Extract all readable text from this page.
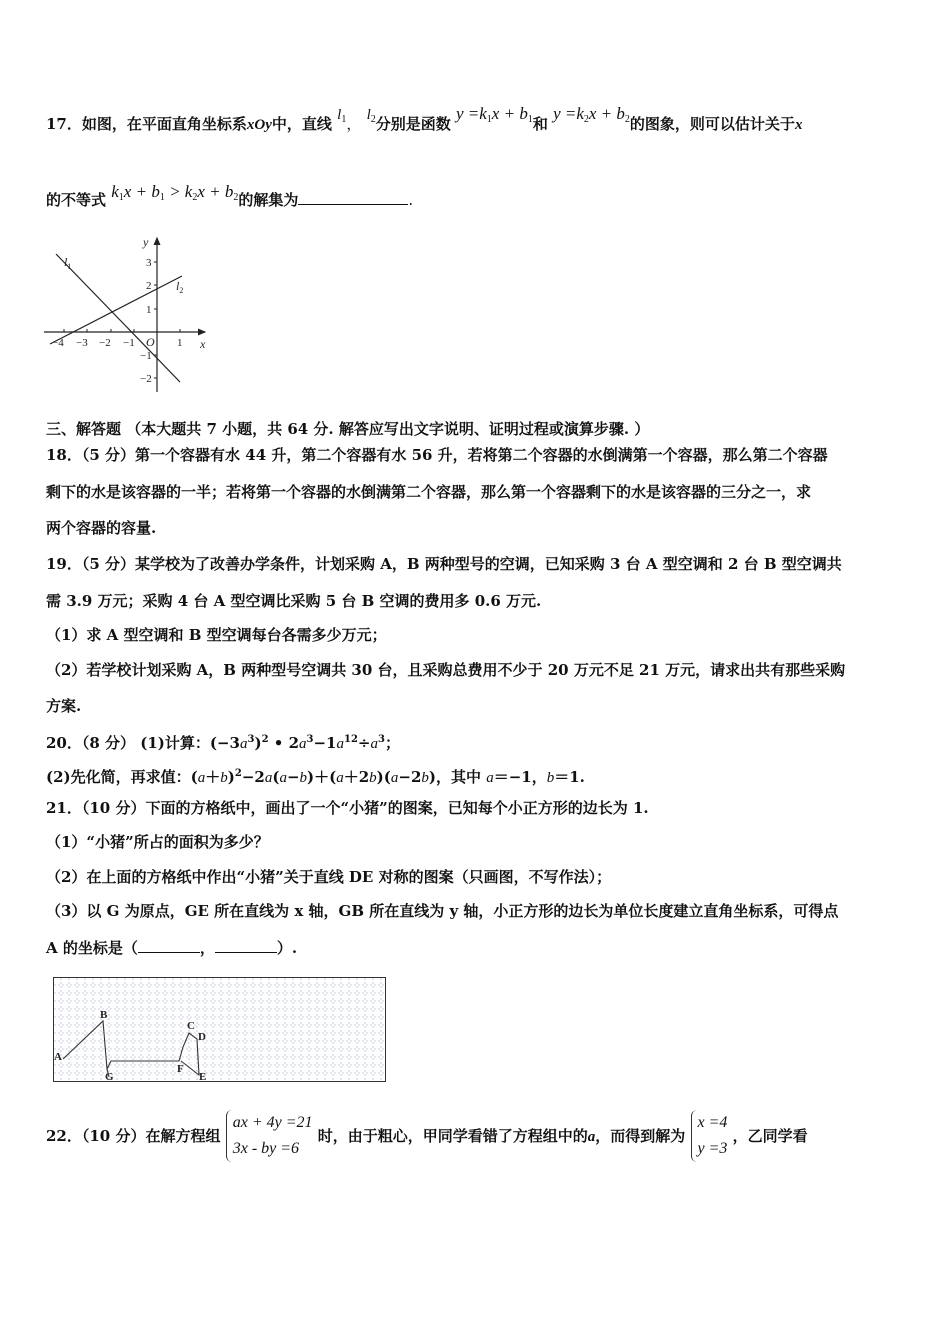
17．如图，在平面直角坐标系xOy中，直线 $l_1$， $l_2$分别是函数 $y =k_1x + b_1$和 $y =k_2x + b_2$的图象，则可以估计关于x
的不等式 $k_1x + b_1 > k_2x + b_2$的解集为	.
y
x
O
$l_1$
$l_2$
3
2
1
−1
−2
−4 −3 −2 −1	1
三、解答题 （本大题共 7 小题，共 64 分. 解答应写出文字说明、证明过程或演算步骤. ）
18．（5 分）第一个容器有水 44 升，第二个容器有水 56 升，若将第二个容器的水倒满第一个容器，那么第二个容器
剩下的水是该容器的一半；若将第一个容器的水倒满第二个容器，那么第一个容器剩下的水是该容器的三分之一，求
两个容器的容量.
19．（5 分）某学校为了改善办学条件，计划采购 A，B 两种型号的空调，已知采购 3 台 A 型空调和 2 台 B 型空调共
需 3.9 万元；采购 4 台 A 型空调比采购 5 台 B 空调的费用多 0.6 万元.
（1）求 A 型空调和 B 型空调每台各需多少万元；
（2）若学校计划采购 A，B 两种型号空调共 30 台，且采购总费用不少于 20 万元不足 21 万元，请求出共有那些采购
方案.
20．（8 分） (1)计算：$(-3a^3)^2$ • $2a^3-1a^{12}\div a^3$；
(2)先化简，再求值：$(a+b)^2-2a(a-b)+(a+2b)(a-2b)$，其中 a＝−1，b＝1.
21．（10 分）下面的方格纸中，画出了一个“小猪”的图案，已知每个小正方形的边长为 1.
（1）“小猪”所占的面积为多少？
（2）在上面的方格纸中作出“小猪”关于直线 DE 对称的图案（只画图，不写作法）；
（3）以 G 为原点，GE 所在直线为 x 轴，GB 所在直线为 y 轴，小正方形的边长为单位长度建立直角坐标系，可得点
A 的坐标是（	，	）.
A
B
C
D
E
F
G
22．（10 分）在解方程组 ax + 4y =21
3x - by =6 时，由于粗心，甲同学看错了方程组中的a，而得到解为 x =4
y =3 ，乙同学看
